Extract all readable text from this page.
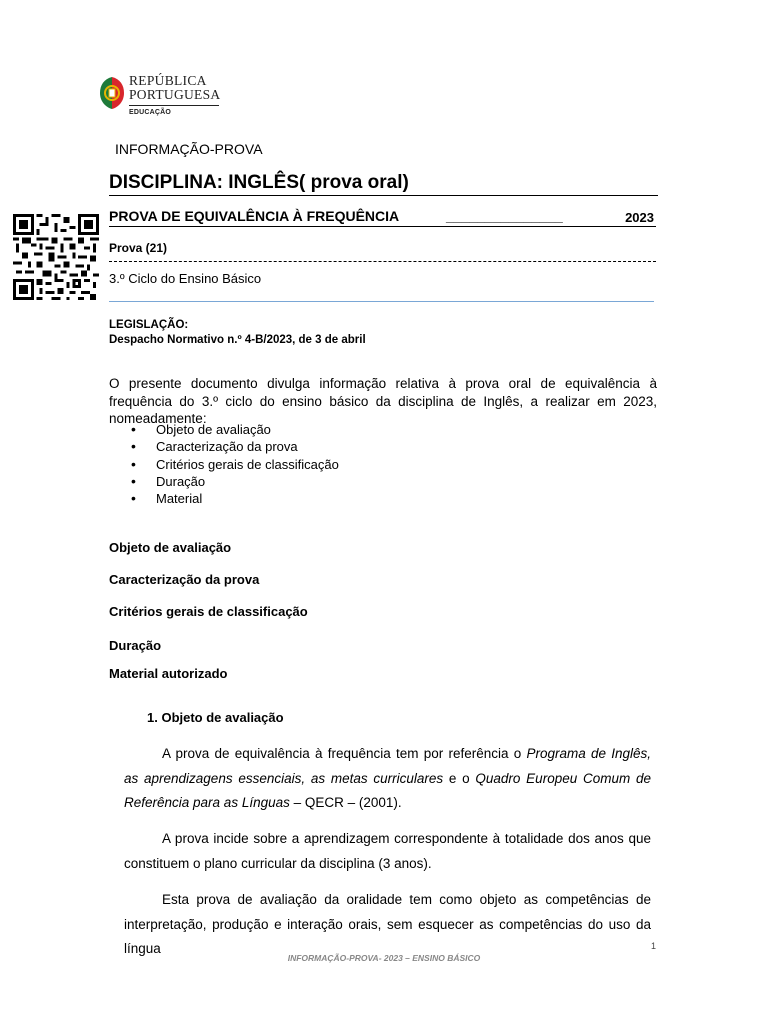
REPÚBLICA
PORTUGUESA
EDUCAÇÃO
INFORMAÇÃO-PROVA
DISCIPLINA: INGLÊS( prova oral)
PROVA DE EQUIVALÊNCIA À FREQUÊNCIA	_______________	2023
Prova (21)
3.º Ciclo do Ensino Básico
LEGISLAÇÃO:
Despacho Normativo n.º 4-B/2023, de 3 de abril
O presente documento divulga informação relativa à prova oral de equivalência à frequência do 3.º ciclo do ensino básico da disciplina de Inglês, a realizar em 2023, nomeadamente:
• Objeto de avaliação
• Caracterização da prova
• Critérios gerais de classificação
• Duração
• Material
Objeto de avaliação
Caracterização da prova
Critérios gerais de classificação
Duração
Material autorizado
1. Objeto de avaliação
A prova de equivalência à frequência tem por referência o Programa de Inglês, as aprendizagens essenciais, as metas curriculares e o Quadro Europeu Comum de Referência para as Línguas – QECR – (2001).
A prova incide sobre a aprendizagem correspondente à totalidade dos anos que constituem o plano curricular da disciplina (3 anos).
Esta prova de avaliação da oralidade tem como objeto as competências de interpretação, produção e interação orais, sem esquecer as competências do uso da língua	1
INFORMAÇÃO-PROVA- 2023 – ENSINO BÁSICO
